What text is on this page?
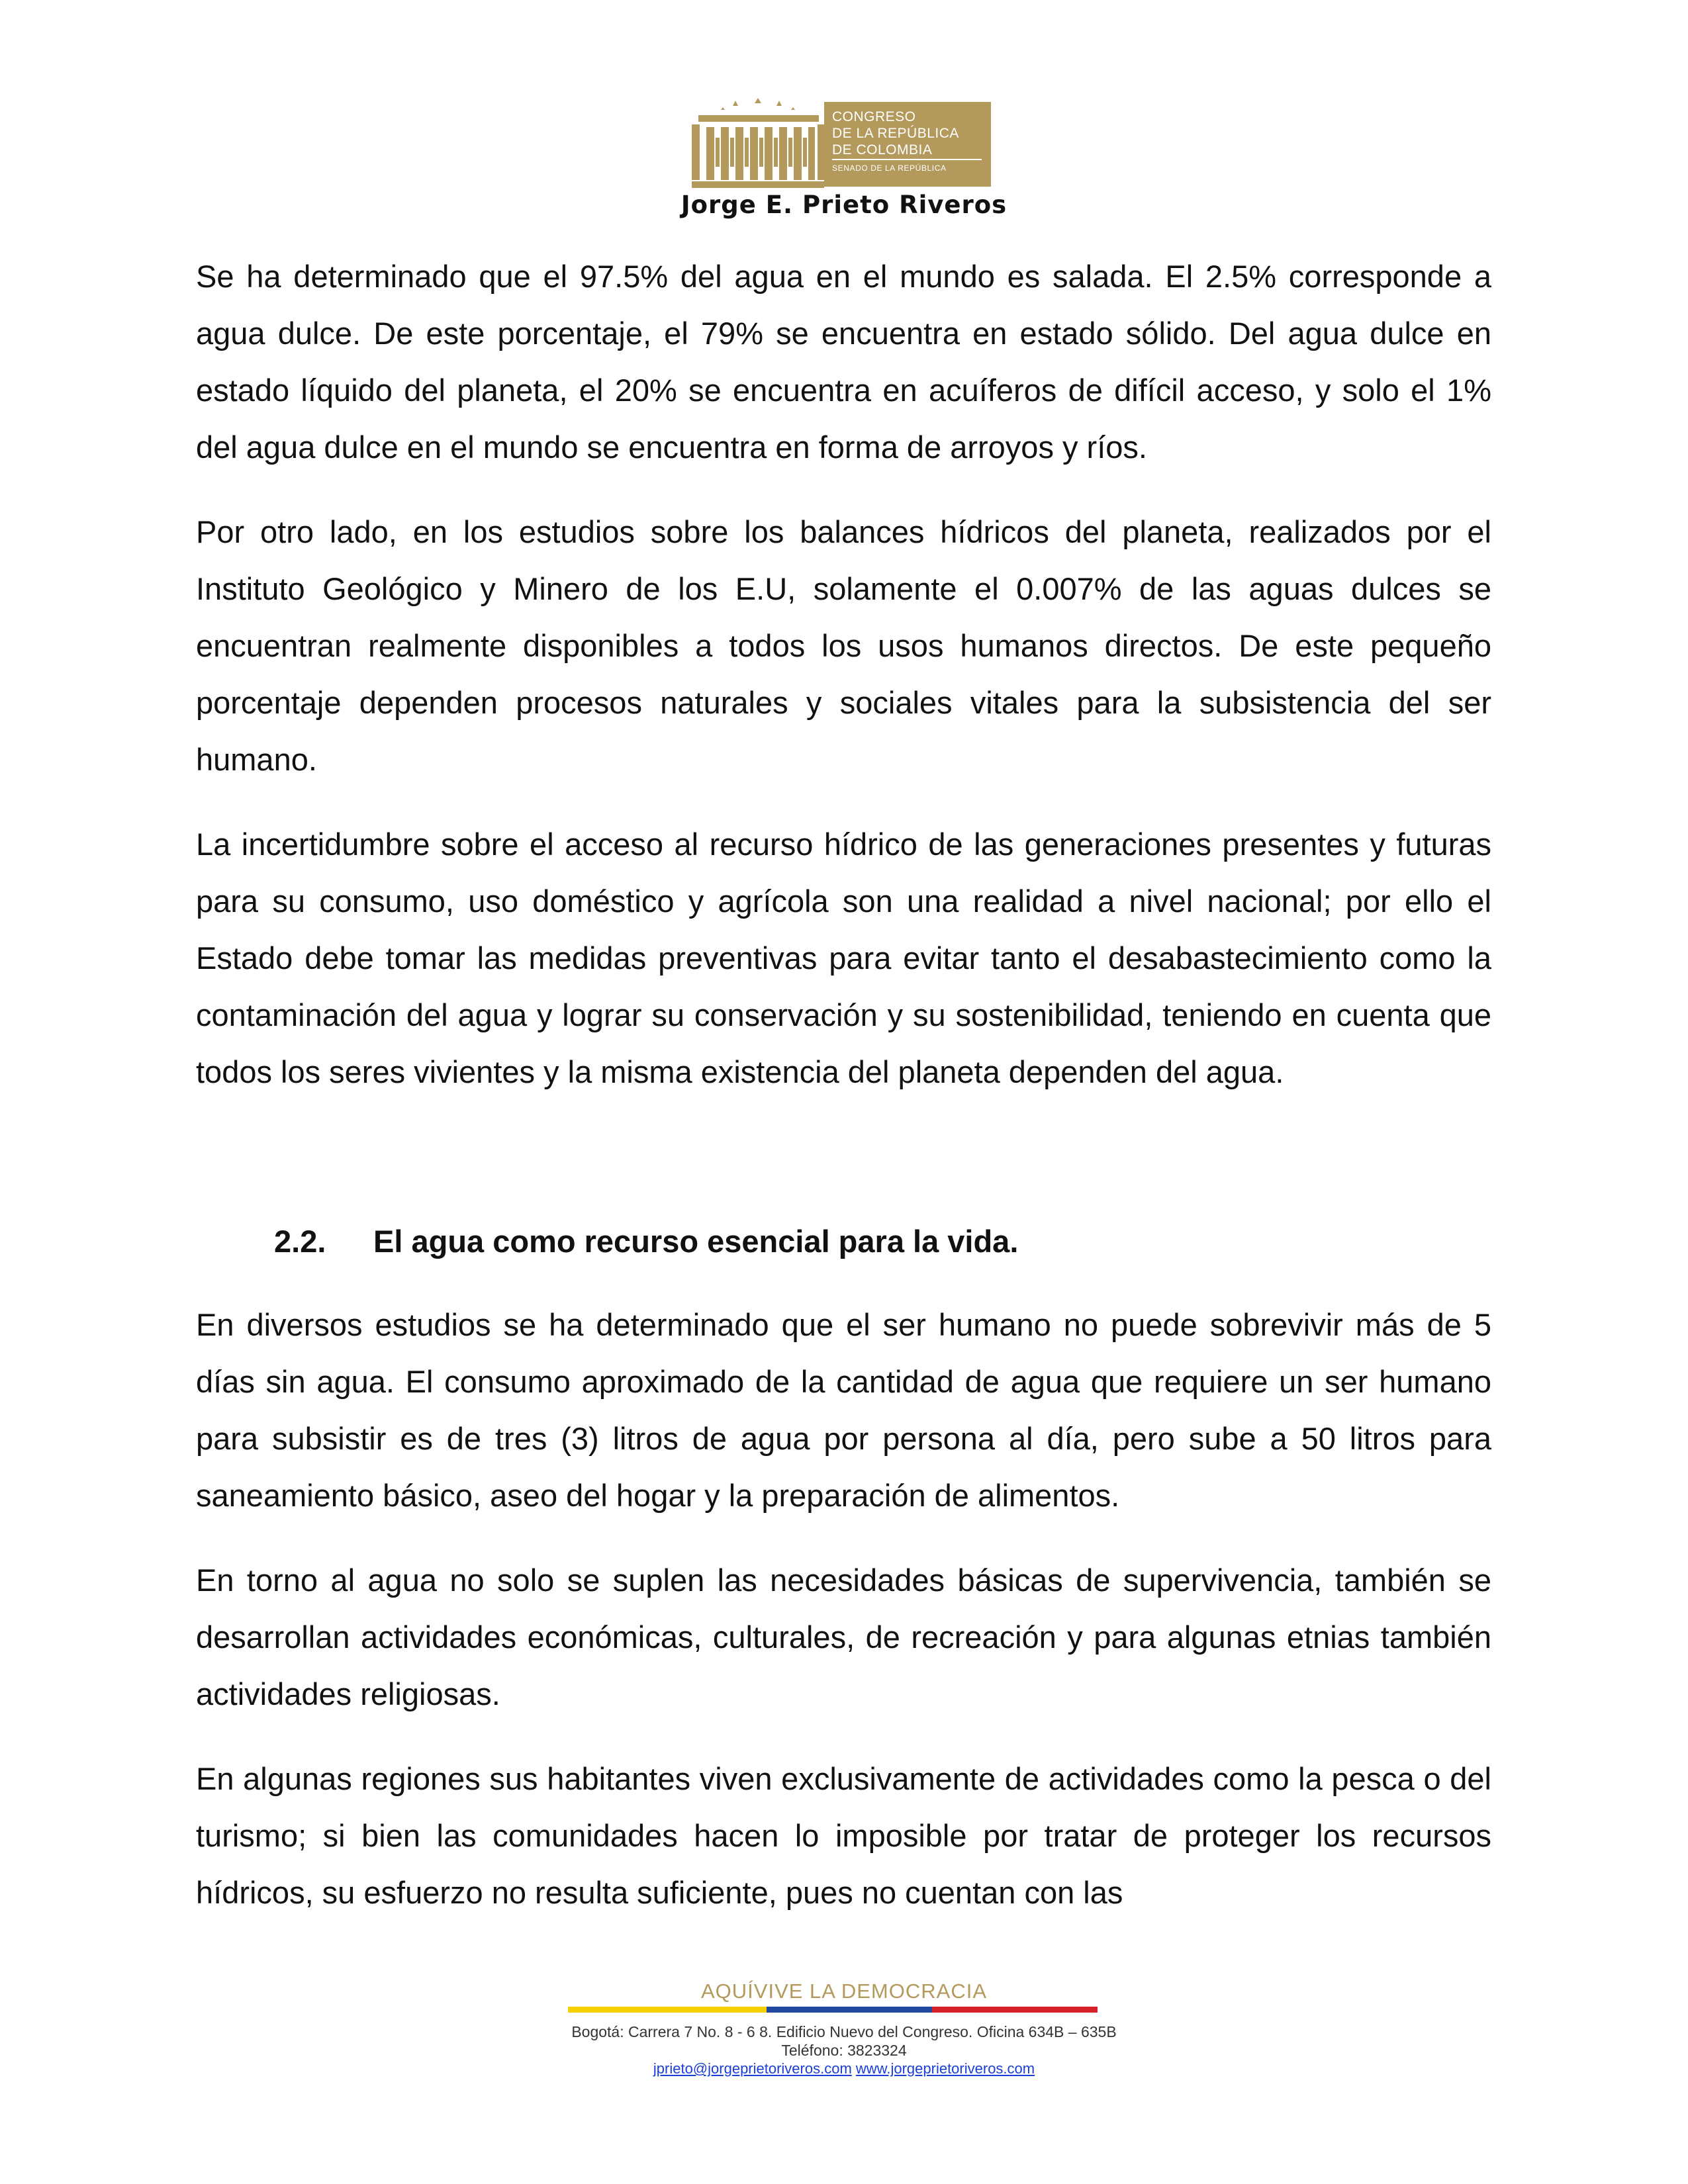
CONGRESO
DE LA REPÚBLICA
DE COLOMBIA
SENADO DE LA REPÚBLICA
Jorge E. Prieto Riveros

Se ha determinado que el 97.5% del agua en el mundo es salada. El 2.5% corresponde a agua dulce. De este porcentaje, el 79% se encuentra en estado sólido. Del agua dulce en estado líquido del planeta, el 20% se encuentra en acuíferos de difícil acceso, y solo el 1% del agua dulce en el mundo se encuentra en forma de arroyos y ríos.

Por otro lado, en los estudios sobre los balances hídricos del planeta, realizados por el Instituto Geológico y Minero de los E.U, solamente el 0.007% de las aguas dulces se encuentran realmente disponibles a todos los usos humanos directos. De este pequeño porcentaje dependen procesos naturales y sociales vitales para la subsistencia del ser humano.

La incertidumbre sobre el acceso al recurso hídrico de las generaciones presentes y futuras para su consumo, uso doméstico y agrícola son una realidad a nivel nacional; por ello el Estado debe tomar las medidas preventivas para evitar tanto el desabastecimiento como la contaminación del agua y lograr su conservación y su sostenibilidad, teniendo en cuenta que todos los seres vivientes y la misma existencia del planeta dependen del agua.

2.2. El agua como recurso esencial para la vida.

En diversos estudios se ha determinado que el ser humano no puede sobrevivir más de 5 días sin agua. El consumo aproximado de la cantidad de agua que requiere un ser humano para subsistir es de tres (3) litros de agua por persona al día, pero sube a 50 litros para saneamiento básico, aseo del hogar y la preparación de alimentos.

En torno al agua no solo se suplen las necesidades básicas de supervivencia, también se desarrollan actividades económicas, culturales, de recreación y para algunas etnias también actividades religiosas.

En algunas regiones sus habitantes viven exclusivamente de actividades como la pesca o del turismo; si bien las comunidades hacen lo imposible por tratar de proteger los recursos hídricos, su esfuerzo no resulta suficiente, pues no cuentan con las

AQUÍVIVE LA DEMOCRACIA
Bogotá: Carrera 7 No. 8 - 6 8. Edificio Nuevo del Congreso. Oficina 634B – 635B
Teléfono: 3823324
jprieto@jorgeprietoriveros.com www.jorgeprietoriveros.com
